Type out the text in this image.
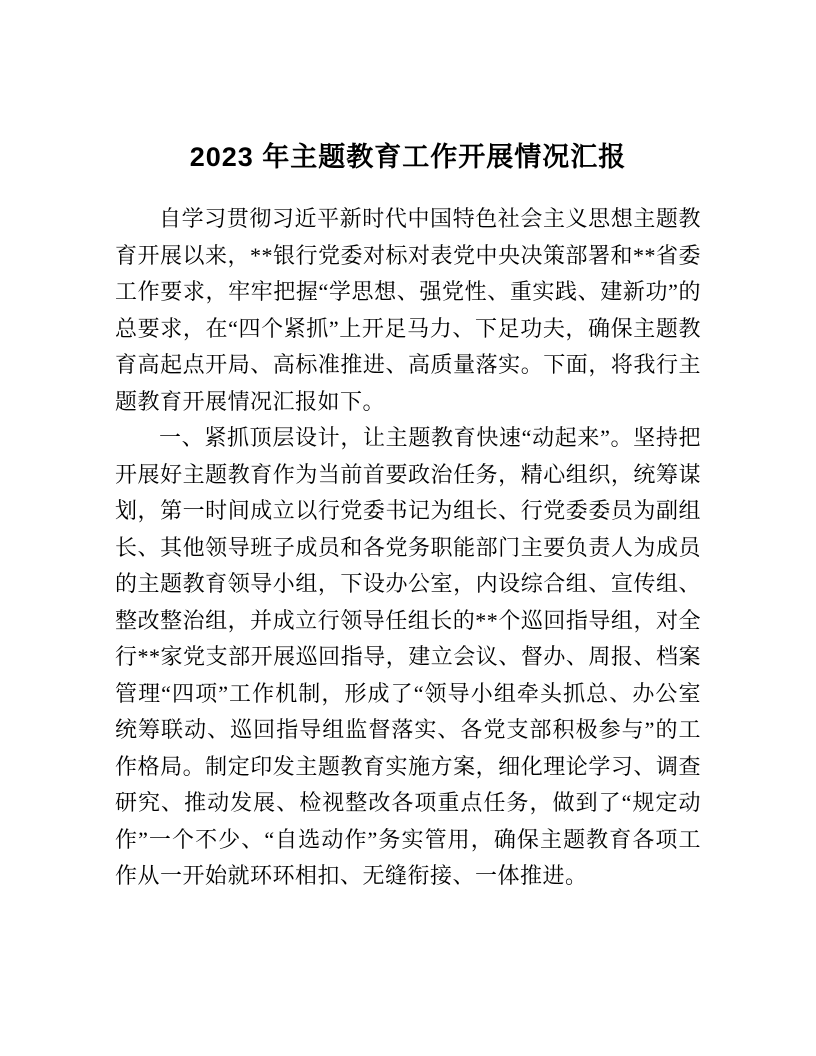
2023 年主题教育工作开展情况汇报

自学习贯彻习近平新时代中国特色社会主义思想主题教育开展以来，**银行党委对标对表党中央决策部署和**省委工作要求，牢牢把握“学思想、强党性、重实践、建新功”的总要求，在“四个紧抓”上开足马力、下足功夫，确保主题教育高起点开局、高标准推进、高质量落实。下面，将我行主题教育开展情况汇报如下。

一、紧抓顶层设计，让主题教育快速“动起来”。坚持把开展好主题教育作为当前首要政治任务，精心组织，统筹谋划，第一时间成立以行党委书记为组长、行党委委员为副组长、其他领导班子成员和各党务职能部门主要负责人为成员的主题教育领导小组，下设办公室，内设综合组、宣传组、整改整治组，并成立行领导任组长的**个巡回指导组，对全行**家党支部开展巡回指导，建立会议、督办、周报、档案管理“四项”工作机制，形成了“领导小组牵头抓总、办公室统筹联动、巡回指导组监督落实、各党支部积极参与”的工作格局。制定印发主题教育实施方案，细化理论学习、调查研究、推动发展、检视整改各项重点任务，做到了“规定动作”一个不少、“自选动作”务实管用，确保主题教育各项工作从一开始就环环相扣、无缝衔接、一体推进。
